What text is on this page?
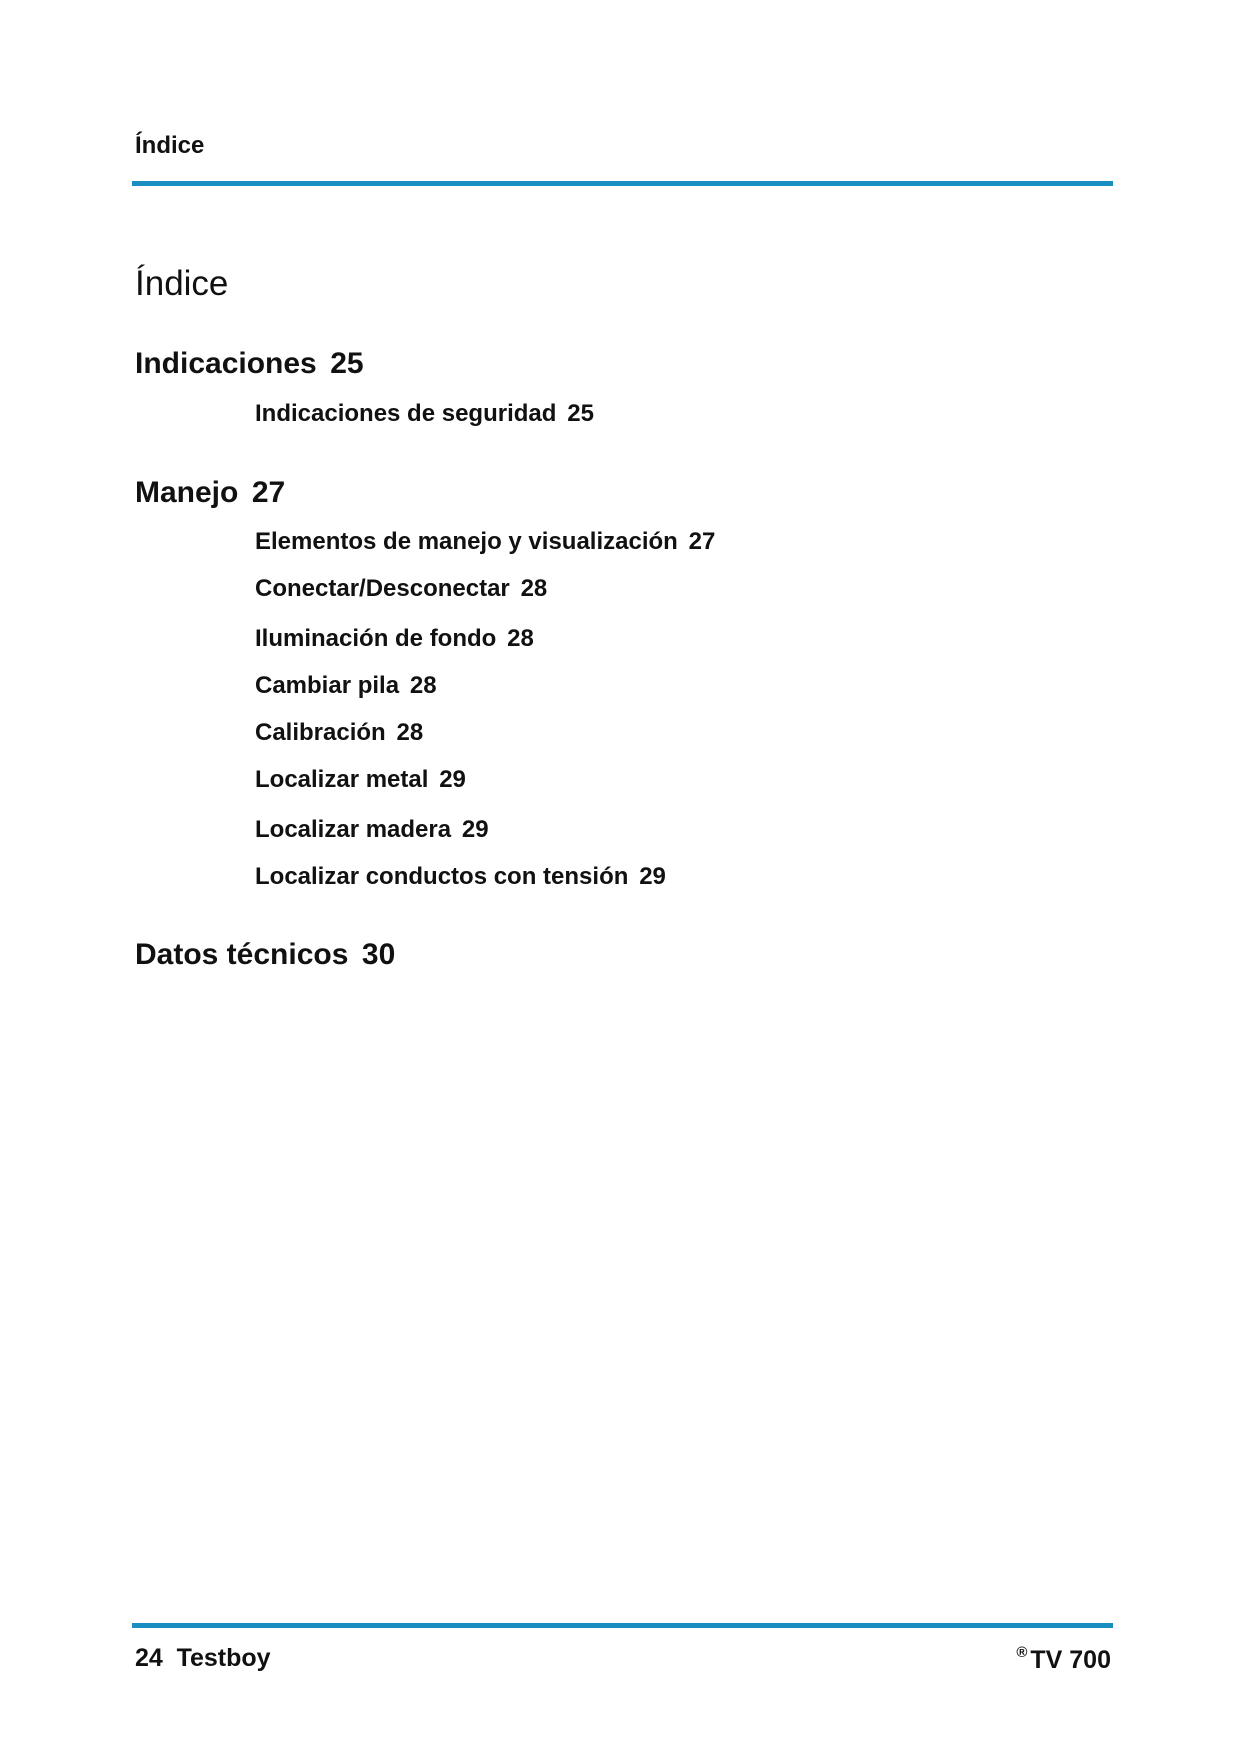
Índice
Índice
Indicaciones 25
Indicaciones de seguridad 25
Manejo 27
Elementos de manejo y visualización 27
Conectar/Desconectar 28
Iluminación de fondo 28
Cambiar pila 28
Calibración 28
Localizar metal 29
Localizar madera 29
Localizar conductos con tensión 29
Datos técnicos 30
24 Testboy	® TV 700
